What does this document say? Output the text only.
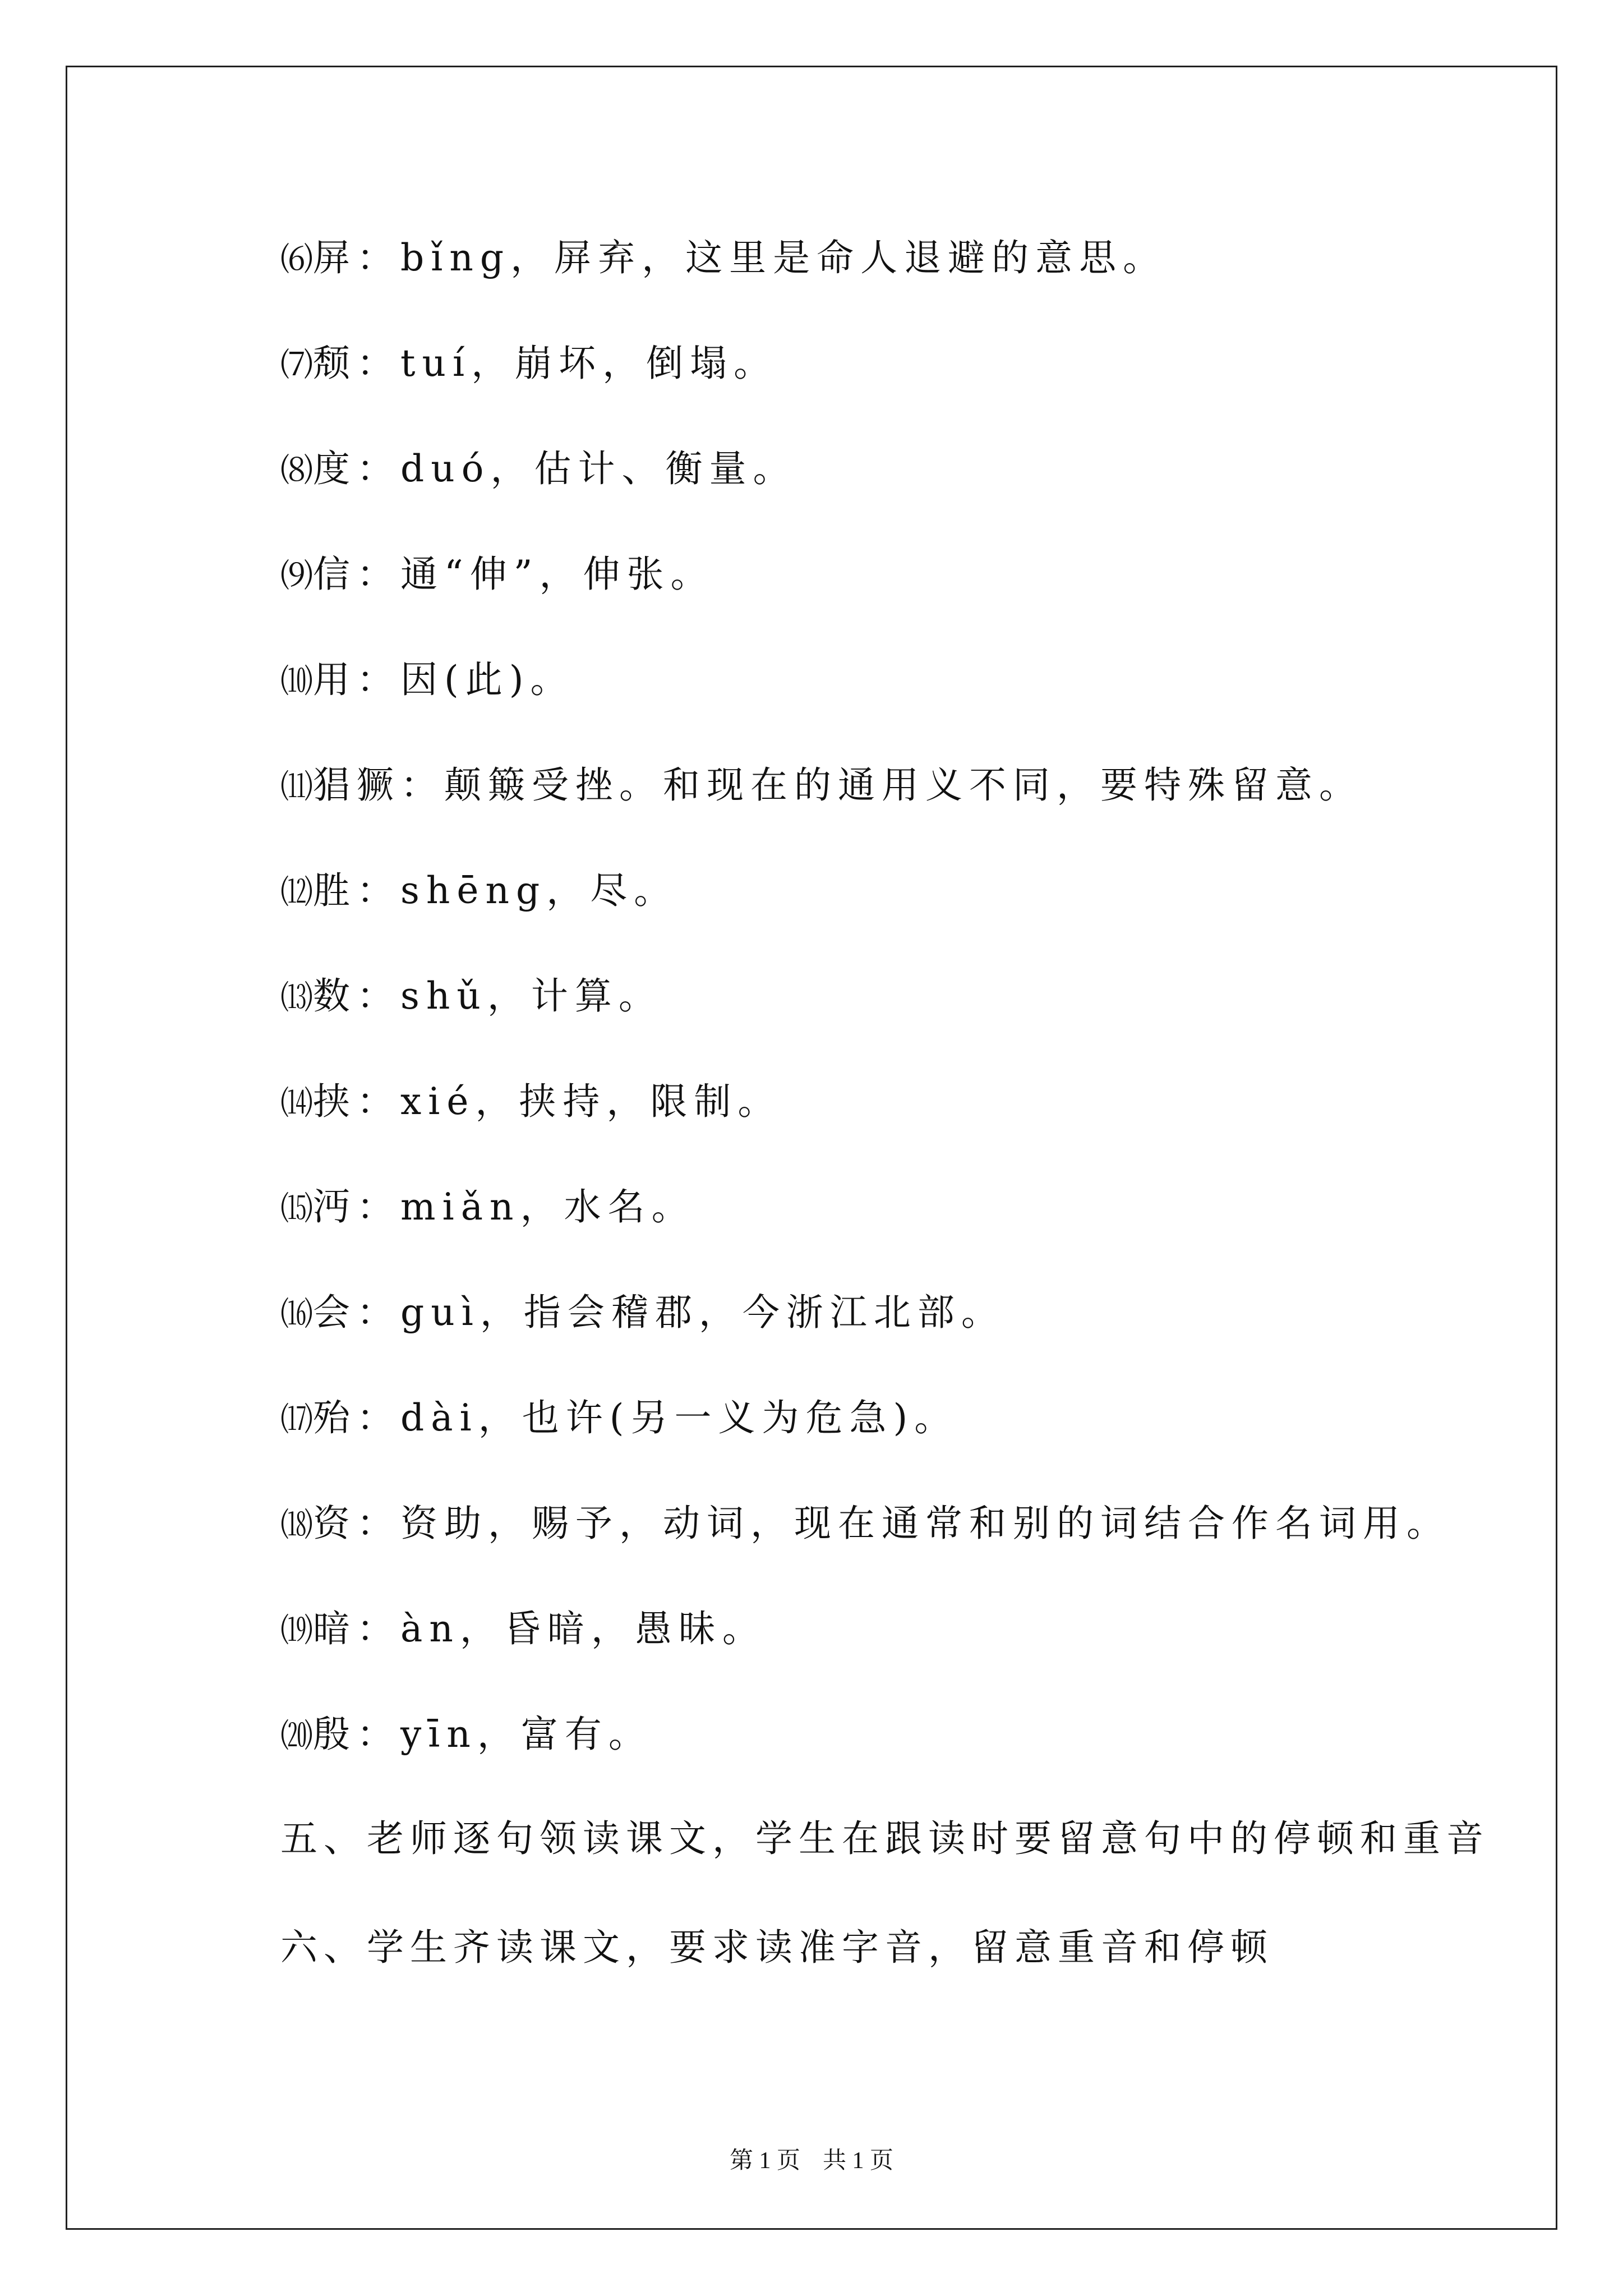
⑹屏：bǐng，屏弃，这里是命人退避的意思。
⑺颓：tuí，崩坏，倒塌。
⑻度：duó，估计、衡量。
⑼信：通“伸”，伸张。
⑽用：因(此)。
⑾猖獗：颠簸受挫。和现在的通用义不同，要特殊留意。
⑿胜：shēng，尽。
⒀数：shǔ，计算。
⒁挟：xié，挟持，限制。
⒂沔：miǎn，水名。
⒃会：guì，指会稽郡，今浙江北部。
⒄殆：dài，也许(另一义为危急)。
⒅资：资助，赐予，动词，现在通常和别的词结合作名词用。
⒆暗：àn，昏暗，愚昧。
⒇殷：yīn，富有。
五、老师逐句领读课文，学生在跟读时要留意句中的停顿和重音
六、学生齐读课文，要求读准字音，留意重音和停顿
第 1 页 共 1 页
